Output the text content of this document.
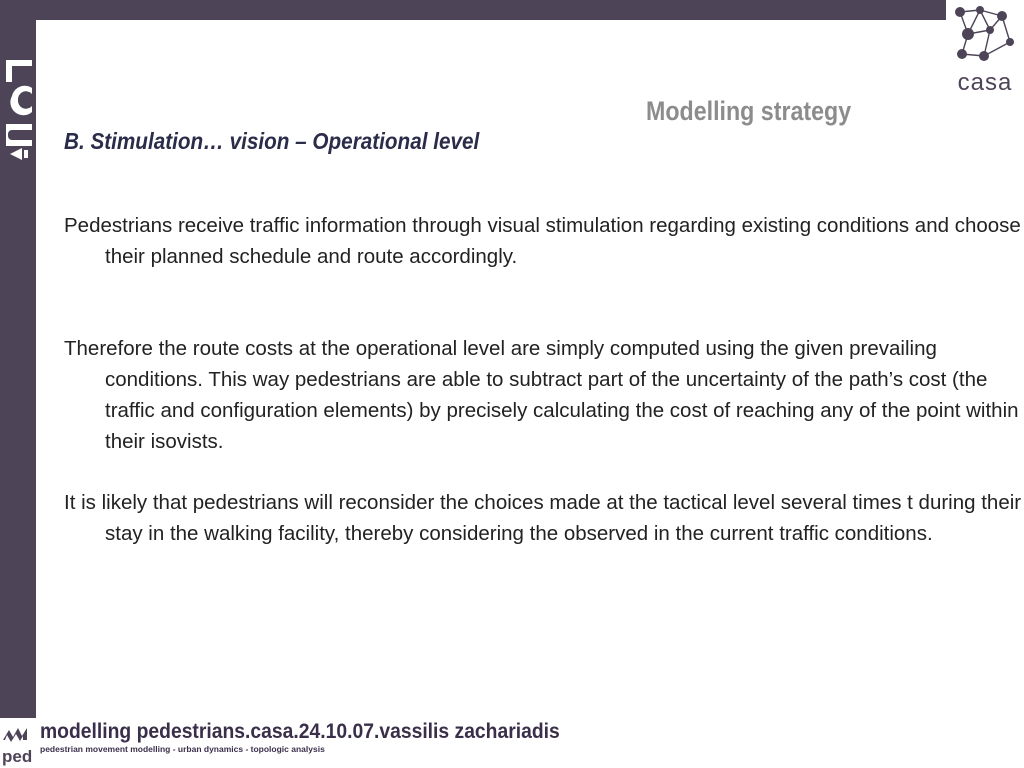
casa
Modelling strategy
B. Stimulation… vision – Operational level

Pedestrians receive traffic information through visual stimulation regarding existing conditions and choose their planned schedule and route accordingly.

Therefore the route costs at the operational level are simply computed using the given prevailing conditions. This way pedestrians are able to subtract part of the uncertainty of the path’s cost (the traffic and configuration elements) by precisely calculating the cost of reaching any of the point within their isovists.

It is likely that pedestrians will reconsider the choices made at the tactical level several times t during their stay in the walking facility, thereby considering the observed in the current traffic conditions.

ped
modelling pedestrians.casa.24.10.07.vassilis zachariadis
pedestrian movement modelling - urban dynamics - topologic analysis
